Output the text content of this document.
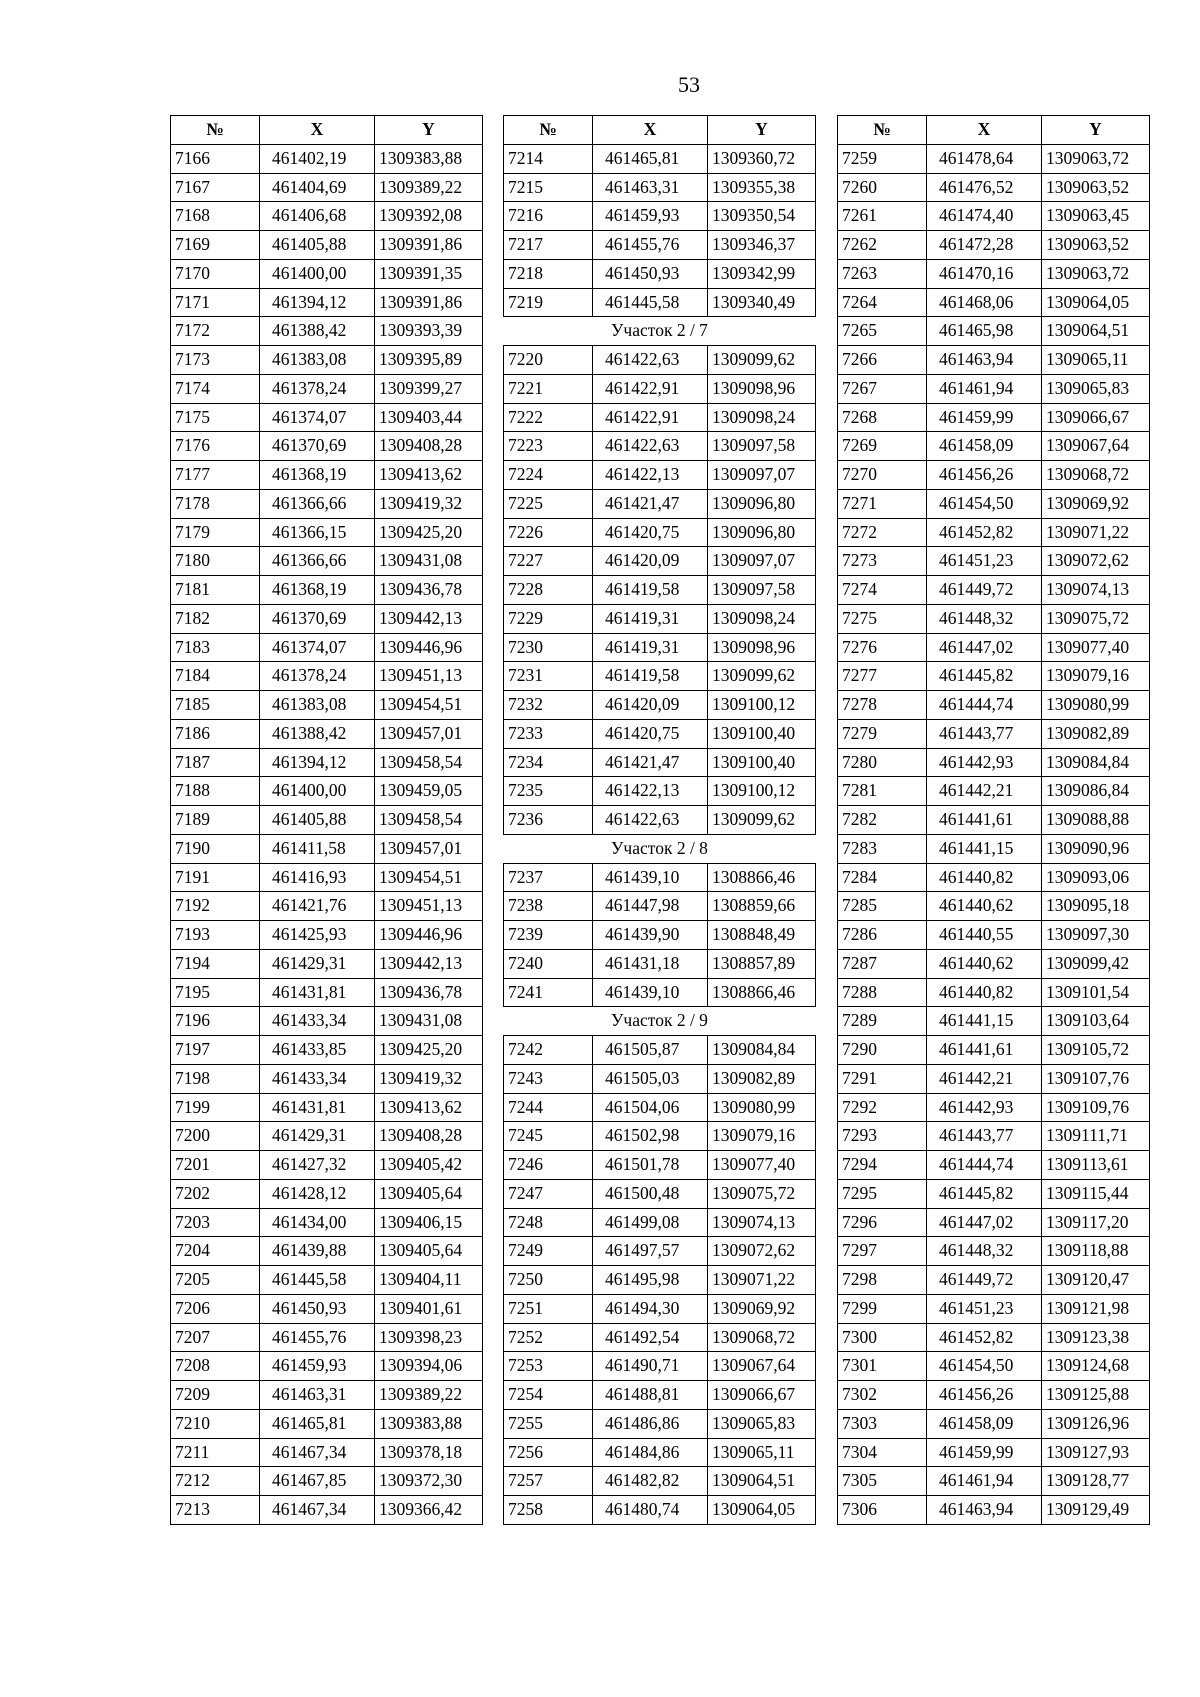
53
№	X	Y
7166	461402,19	1309383,88
7167	461404,69	1309389,22
7168	461406,68	1309392,08
7169	461405,88	1309391,86
7170	461400,00	1309391,35
7171	461394,12	1309391,86
7172	461388,42	1309393,39
7173	461383,08	1309395,89
7174	461378,24	1309399,27
7175	461374,07	1309403,44
7176	461370,69	1309408,28
7177	461368,19	1309413,62
7178	461366,66	1309419,32
7179	461366,15	1309425,20
7180	461366,66	1309431,08
7181	461368,19	1309436,78
7182	461370,69	1309442,13
7183	461374,07	1309446,96
7184	461378,24	1309451,13
7185	461383,08	1309454,51
7186	461388,42	1309457,01
7187	461394,12	1309458,54
7188	461400,00	1309459,05
7189	461405,88	1309458,54
7190	461411,58	1309457,01
7191	461416,93	1309454,51
7192	461421,76	1309451,13
7193	461425,93	1309446,96
7194	461429,31	1309442,13
7195	461431,81	1309436,78
7196	461433,34	1309431,08
7197	461433,85	1309425,20
7198	461433,34	1309419,32
7199	461431,81	1309413,62
7200	461429,31	1309408,28
7201	461427,32	1309405,42
7202	461428,12	1309405,64
7203	461434,00	1309406,15
7204	461439,88	1309405,64
7205	461445,58	1309404,11
7206	461450,93	1309401,61
7207	461455,76	1309398,23
7208	461459,93	1309394,06
7209	461463,31	1309389,22
7210	461465,81	1309383,88
7211	461467,34	1309378,18
7212	461467,85	1309372,30
7213	461467,34	1309366,42
№	X	Y
7214	461465,81	1309360,72
7215	461463,31	1309355,38
7216	461459,93	1309350,54
7217	461455,76	1309346,37
7218	461450,93	1309342,99
7219	461445,58	1309340,49
Участок 2 / 7		
7220	461422,63	1309099,62
7221	461422,91	1309098,96
7222	461422,91	1309098,24
7223	461422,63	1309097,58
7224	461422,13	1309097,07
7225	461421,47	1309096,80
7226	461420,75	1309096,80
7227	461420,09	1309097,07
7228	461419,58	1309097,58
7229	461419,31	1309098,24
7230	461419,31	1309098,96
7231	461419,58	1309099,62
7232	461420,09	1309100,12
7233	461420,75	1309100,40
7234	461421,47	1309100,40
7235	461422,13	1309100,12
7236	461422,63	1309099,62
Участок 2 / 8		
7237	461439,10	1308866,46
7238	461447,98	1308859,66
7239	461439,90	1308848,49
7240	461431,18	1308857,89
7241	461439,10	1308866,46
Участок 2 / 9		
7242	461505,87	1309084,84
7243	461505,03	1309082,89
7244	461504,06	1309080,99
7245	461502,98	1309079,16
7246	461501,78	1309077,40
7247	461500,48	1309075,72
7248	461499,08	1309074,13
7249	461497,57	1309072,62
7250	461495,98	1309071,22
7251	461494,30	1309069,92
7252	461492,54	1309068,72
7253	461490,71	1309067,64
7254	461488,81	1309066,67
7255	461486,86	1309065,83
7256	461484,86	1309065,11
7257	461482,82	1309064,51
7258	461480,74	1309064,05
№	X	Y
7259	461478,64	1309063,72
7260	461476,52	1309063,52
7261	461474,40	1309063,45
7262	461472,28	1309063,52
7263	461470,16	1309063,72
7264	461468,06	1309064,05
7265	461465,98	1309064,51
7266	461463,94	1309065,11
7267	461461,94	1309065,83
7268	461459,99	1309066,67
7269	461458,09	1309067,64
7270	461456,26	1309068,72
7271	461454,50	1309069,92
7272	461452,82	1309071,22
7273	461451,23	1309072,62
7274	461449,72	1309074,13
7275	461448,32	1309075,72
7276	461447,02	1309077,40
7277	461445,82	1309079,16
7278	461444,74	1309080,99
7279	461443,77	1309082,89
7280	461442,93	1309084,84
7281	461442,21	1309086,84
7282	461441,61	1309088,88
7283	461441,15	1309090,96
7284	461440,82	1309093,06
7285	461440,62	1309095,18
7286	461440,55	1309097,30
7287	461440,62	1309099,42
7288	461440,82	1309101,54
7289	461441,15	1309103,64
7290	461441,61	1309105,72
7291	461442,21	1309107,76
7292	461442,93	1309109,76
7293	461443,77	1309111,71
7294	461444,74	1309113,61
7295	461445,82	1309115,44
7296	461447,02	1309117,20
7297	461448,32	1309118,88
7298	461449,72	1309120,47
7299	461451,23	1309121,98
7300	461452,82	1309123,38
7301	461454,50	1309124,68
7302	461456,26	1309125,88
7303	461458,09	1309126,96
7304	461459,99	1309127,93
7305	461461,94	1309128,77
7306	461463,94	1309129,49
